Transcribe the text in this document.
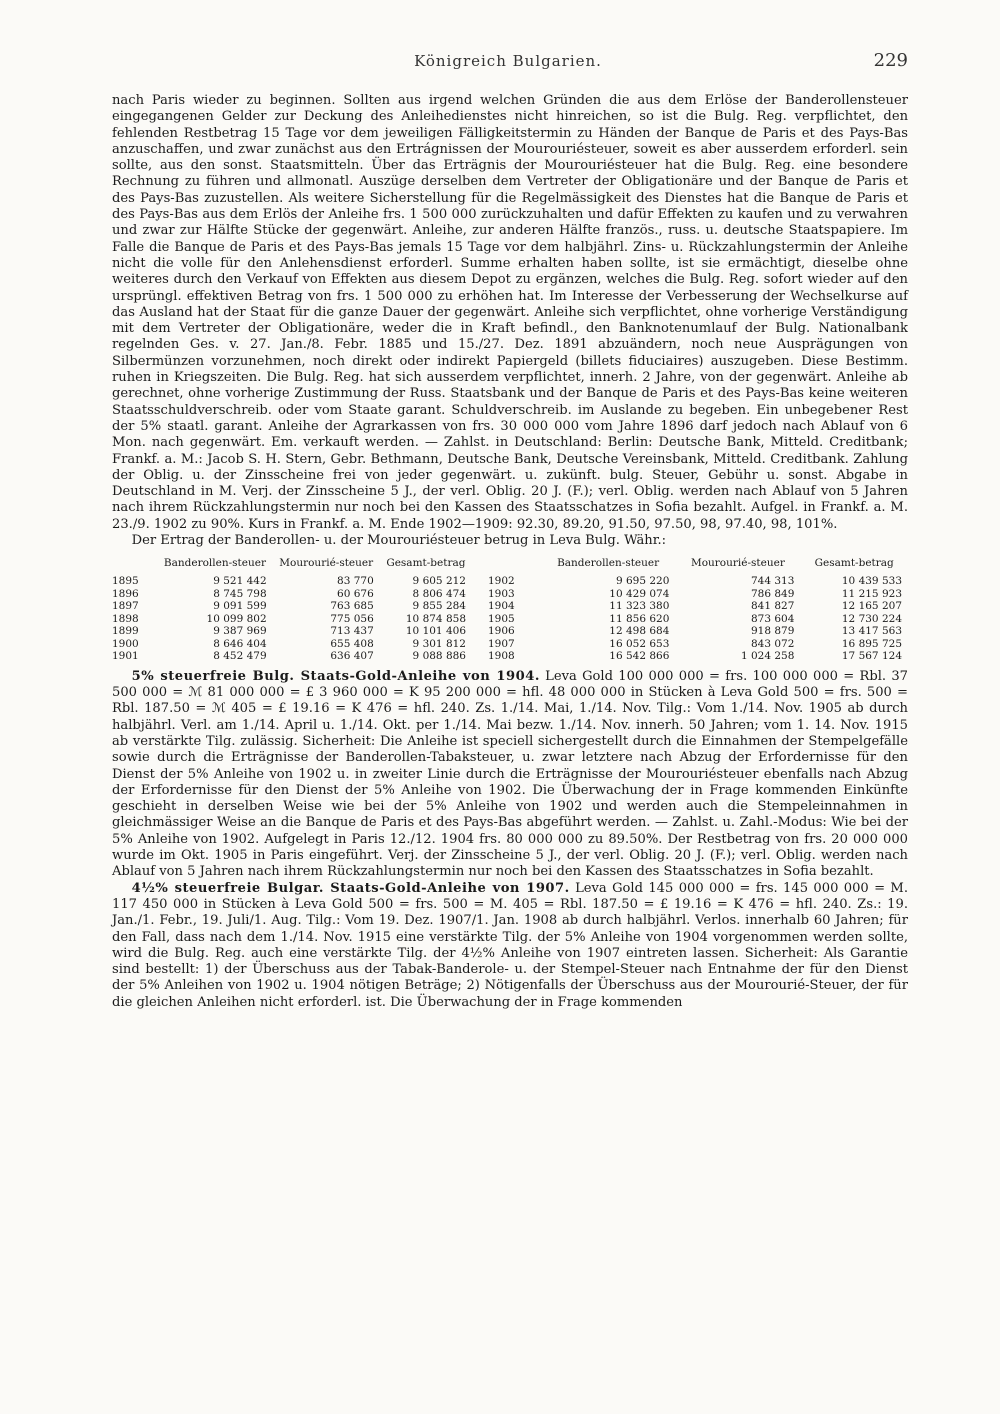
Königreich Bulgarien.	229

nach Paris wieder zu beginnen. Sollten aus irgend welchen Gründen die aus dem Erlöse der Banderollensteuer eingegangenen Gelder zur Deckung des Anleihedienstes nicht hinreichen, so ist die Bulg. Reg. verpflichtet, den fehlenden Restbetrag 15 Tage vor dem jeweiligen Fälligkeitstermin zu Händen der Banque de Paris et des Pays-Bas anzuschaffen, und zwar zunächst aus den Ertrágnissen der Mourouriésteuer, soweit es aber ausserdem erforderl. sein sollte, aus den sonst. Staatsmitteln. Über das Erträgnis der Mourouriésteuer hat die Bulg. Reg. eine besondere Rechnung zu führen und allmonatl. Auszüge derselben dem Vertreter der Obligationäre und der Banque de Paris et des Pays-Bas zuzustellen. Als weitere Sicherstellung für die Regelmässigkeit des Dienstes hat die Banque de Paris et des Pays-Bas aus dem Erlös der Anleihe frs. 1 500 000 zurückzuhalten und dafür Effekten zu kaufen und zu verwahren und zwar zur Hälfte Stücke der gegenwärt. Anleihe, zur anderen Hälfte französ., russ. u. deutsche Staatspapiere. Im Falle die Banque de Paris et des Pays-Bas jemals 15 Tage vor dem halbjährl. Zins- u. Rückzahlungstermin der Anleihe nicht die volle für den Anlehensdienst erforderl. Summe erhalten haben sollte, ist sie ermächtigt, dieselbe ohne weiteres durch den Verkauf von Effekten aus diesem Depot zu ergänzen, welches die Bulg. Reg. sofort wieder auf den ursprüngl. effektiven Betrag von frs. 1 500 000 zu erhöhen hat. Im Interesse der Verbesserung der Wechselkurse auf das Ausland hat der Staat für die ganze Dauer der gegenwärt. Anleihe sich verpflichtet, ohne vorherige Verständigung mit dem Vertreter der Obligationäre, weder die in Kraft befindl., den Banknotenumlauf der Bulg. Nationalbank regelnden Ges. v. 27. Jan./8. Febr. 1885 und 15./27. Dez. 1891 abzuändern, noch neue Ausprägungen von Silbermünzen vorzunehmen, noch direkt oder indirekt Papiergeld (billets fiduciaires) auszugeben. Diese Bestimm. ruhen in Kriegszeiten. Die Bulg. Reg. hat sich ausserdem verpflichtet, innerh. 2 Jahre, von der gegenwärt. Anleihe ab gerechnet, ohne vorherige Zustimmung der Russ. Staatsbank und der Banque de Paris et des Pays-Bas keine weiteren Staatsschuldverschreib. oder vom Staate garant. Schuldverschreib. im Auslande zu begeben. Ein unbegebener Rest der 5% staatl. garant. Anleihe der Agrarkassen von frs. 30 000 000 vom Jahre 1896 darf jedoch nach Ablauf von 6 Mon. nach gegenwärt. Em. verkauft werden. — Zahlst. in Deutschland: Berlin: Deutsche Bank, Mitteld. Creditbank; Frankf. a. M.: Jacob S. H. Stern, Gebr. Bethmann, Deutsche Bank, Deutsche Vereinsbank, Mitteld. Creditbank. Zahlung der Oblig. u. der Zinsscheine frei von jeder gegenwärt. u. zukünft. bulg. Steuer, Gebühr u. sonst. Abgabe in Deutschland in M. Verj. der Zinsscheine 5 J., der verl. Oblig. 20 J. (F.); verl. Oblig. werden nach Ablauf von 5 Jahren nach ihrem Rückzahlungstermin nur noch bei den Kassen des Staatsschatzes in Sofia bezahlt. Aufgel. in Frankf. a. M. 23./9. 1902 zu 90%. Kurs in Frankf. a. M. Ende 1902—1909: 92.30, 89.20, 91.50, 97.50, 98, 97.40, 98, 101%.

Der Ertrag der Banderollen- u. der Mourouriésteuer betrug in Leva Bulg. Währ.:

	Banderollen-steuer	Mourourié-steuer	Gesamt-betrag
1895	9 521 442	83 770	9 605 212
1896	8 745 798	60 676	8 806 474
1897	9 091 599	763 685	9 855 284
1898	10 099 802	775 056	10 874 858
1899	9 387 969	713 437	10 101 406
1900	8 646 404	655 408	9 301 812
1901	8 452 479	636 407	9 088 886
	Banderollen-steuer	Mourourié-steuer	Gesamt-betrag
1902	9 695 220	744 313	10 439 533
1903	10 429 074	786 849	11 215 923
1904	11 323 380	841 827	12 165 207
1905	11 856 620	873 604	12 730 224
1906	12 498 684	918 879	13 417 563
1907	16 052 653	843 072	16 895 725
1908	16 542 866	1 024 258	17 567 124

5% steuerfreie Bulg. Staats-Gold-Anleihe von 1904. Leva Gold 100 000 000 = frs. 100 000 000 = Rbl. 37 500 000 = ℳ 81 000 000 = £ 3 960 000 = K 95 200 000 = hfl. 48 000 000 in Stücken à Leva Gold 500 = frs. 500 = Rbl. 187.50 = ℳ 405 = £ 19.16 = K 476 = hfl. 240. Zs. 1./14. Mai, 1./14. Nov. Tilg.: Vom 1./14. Nov. 1905 ab durch halbjährl. Verl. am 1./14. April u. 1./14. Okt. per 1./14. Mai bezw. 1./14. Nov. innerh. 50 Jahren; vom 1. 14. Nov. 1915 ab verstärkte Tilg. zulässig. Sicherheit: Die Anleihe ist speciell sichergestellt durch die Einnahmen der Stempelgefälle sowie durch die Erträgnisse der Banderollen-Tabaksteuer, u. zwar letztere nach Abzug der Erfordernisse für den Dienst der 5% Anleihe von 1902 u. in zweiter Linie durch die Erträgnisse der Mourouriésteuer ebenfalls nach Abzug der Erfordernisse für den Dienst der 5% Anleihe von 1902. Die Überwachung der in Frage kommenden Einkünfte geschieht in derselben Weise wie bei der 5% Anleihe von 1902 und werden auch die Stempeleinnahmen in gleichmässiger Weise an die Banque de Paris et des Pays-Bas abgeführt werden. — Zahlst. u. Zahl.-Modus: Wie bei der 5% Anleihe von 1902. Aufgelegt in Paris 12./12. 1904 frs. 80 000 000 zu 89.50%. Der Restbetrag von frs. 20 000 000 wurde im Okt. 1905 in Paris eingeführt. Verj. der Zinsscheine 5 J., der verl. Oblig. 20 J. (F.); verl. Oblig. werden nach Ablauf von 5 Jahren nach ihrem Rückzahlungstermin nur noch bei den Kassen des Staatsschatzes in Sofia bezahlt.

4½% steuerfreie Bulgar. Staats-Gold-Anleihe von 1907. Leva Gold 145 000 000 = frs. 145 000 000 = M. 117 450 000 in Stücken à Leva Gold 500 = frs. 500 = M. 405 = Rbl. 187.50 = £ 19.16 = K 476 = hfl. 240. Zs.: 19. Jan./1. Febr., 19. Juli/1. Aug. Tilg.: Vom 19. Dez. 1907/1. Jan. 1908 ab durch halbjährl. Verlos. innerhalb 60 Jahren; für den Fall, dass nach dem 1./14. Nov. 1915 eine verstärkte Tilg. der 5% Anleihe von 1904 vorgenommen werden sollte, wird die Bulg. Reg. auch eine verstärkte Tilg. der 4½% Anleihe von 1907 eintreten lassen. Sicherheit: Als Garantie sind bestellt: 1) der Überschuss aus der Tabak-Banderole- u. der Stempel-Steuer nach Entnahme der für den Dienst der 5% Anleihen von 1902 u. 1904 nötigen Beträge; 2) Nötigenfalls der Überschuss aus der Mourourié-Steuer, der für die gleichen Anleihen nicht erforderl. ist. Die Überwachung der in Frage kommenden
